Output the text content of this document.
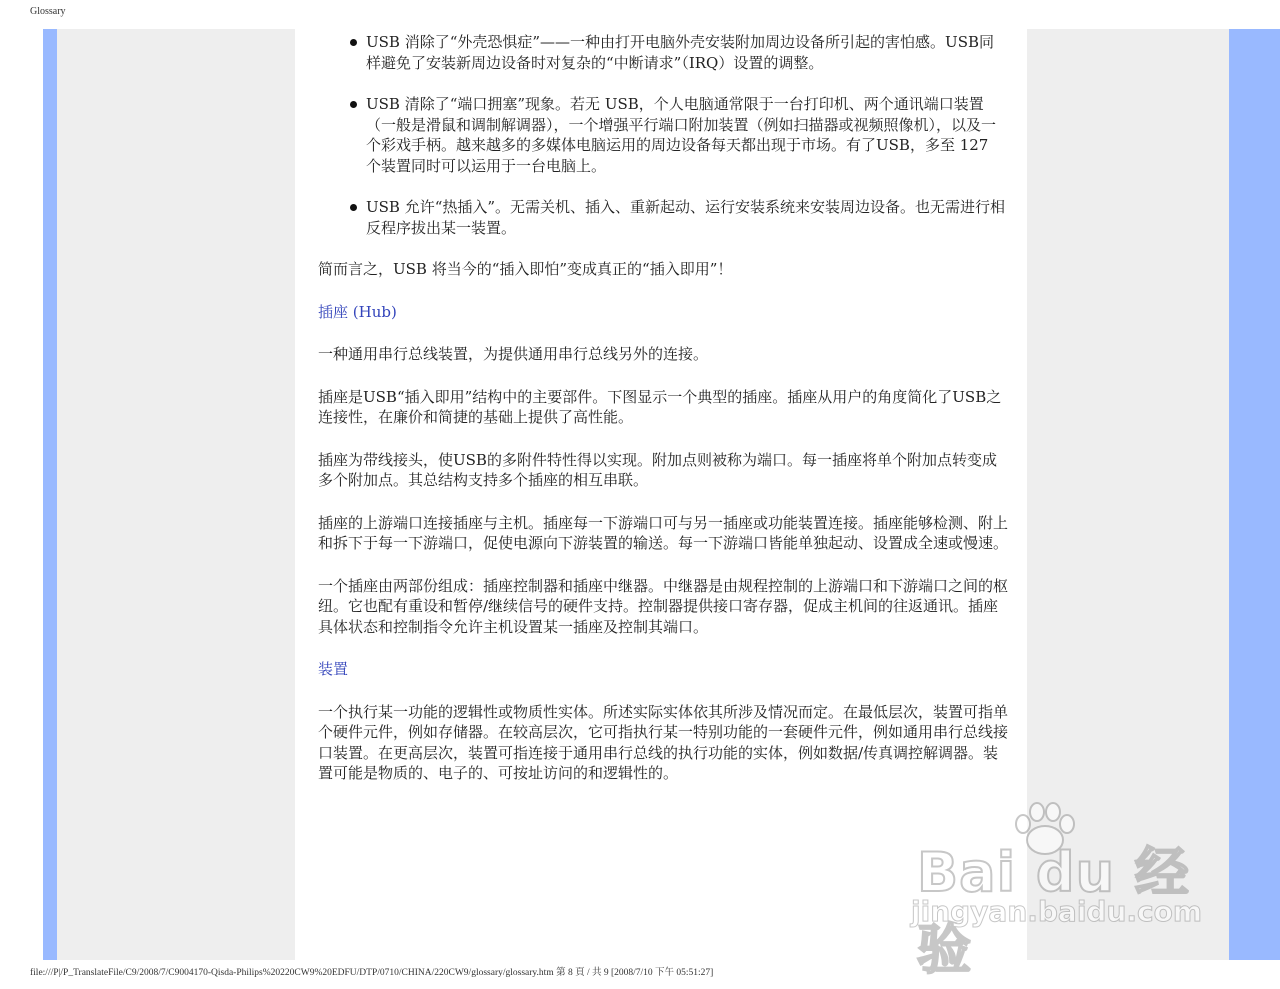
Glossary
USB 消除了“外壳恐惧症”——一种由打开电脑外壳安装附加周边设备所引起的害怕感。USB同样避免了安装新周边设备时对复杂的“中断请求”（IRQ）设置的调整。
USB 清除了“端口拥塞”现象。若无 USB，个人电脑通常限于一台打印机、两个通讯端口装置（一般是滑鼠和调制解调器），一个增强平行端口附加装置（例如扫描器或视频照像机），以及一个彩戏手柄。越来越多的多媒体电脑运用的周边设备每天都出现于市场。有了USB，多至 127 个装置同时可以运用于一台电脑上。
USB 允许“热插入”。无需关机、插入、重新起动、运行安装系统来安装周边设备。也无需进行相反程序拔出某一装置。

简而言之，USB 将当今的“插入即怕”变成真正的“插入即用”！

插座 (Hub)

一种通用串行总线装置，为提供通用串行总线另外的连接。

插座是USB“插入即用”结构中的主要部件。下图显示一个典型的插座。插座从用户的角度简化了USB之连接性，在廉价和简捷的基础上提供了高性能。

插座为带线接头，使USB的多附件特性得以实现。附加点则被称为端口。每一插座将单个附加点转变成多个附加点。其总结构支持多个插座的相互串联。

插座的上游端口连接插座与主机。插座每一下游端口可与另一插座或功能装置连接。插座能够检测、附上和拆下于每一下游端口，促使电源向下游装置的输送。每一下游端口皆能单独起动、设置成全速或慢速。

一个插座由两部份组成：插座控制器和插座中继器。中继器是由规程控制的上游端口和下游端口之间的枢纽。它也配有重设和暂停/继续信号的硬件支持。控制器提供接口寄存器，促成主机间的往返通讯。插座具体状态和控制指令允许主机设置某一插座及控制其端口。

装置

一个执行某一功能的逻辑性或物质性实体。所述实际实体依其所涉及情况而定。在最低层次，装置可指单个硬件元件，例如存储器。在较高层次，它可指执行某一特别功能的一套硬件元件，例如通用串行总线接口装置。在更高层次，装置可指连接于通用串行总线的执行功能的实体，例如数据/传真调控解调器。装置可能是物质的、电子的、可按址访问的和逻辑性的。

Bai du 经验
jingyan.baidu.com
file:///P|/P_TranslateFile/C9/2008/7/C9004170-Qisda-Philips%20220CW9%20EDFU/DTP/0710/CHINA/220CW9/glossary/glossary.htm 第 8 頁 / 共 9 [2008/7/10 下午 05:51:27]
